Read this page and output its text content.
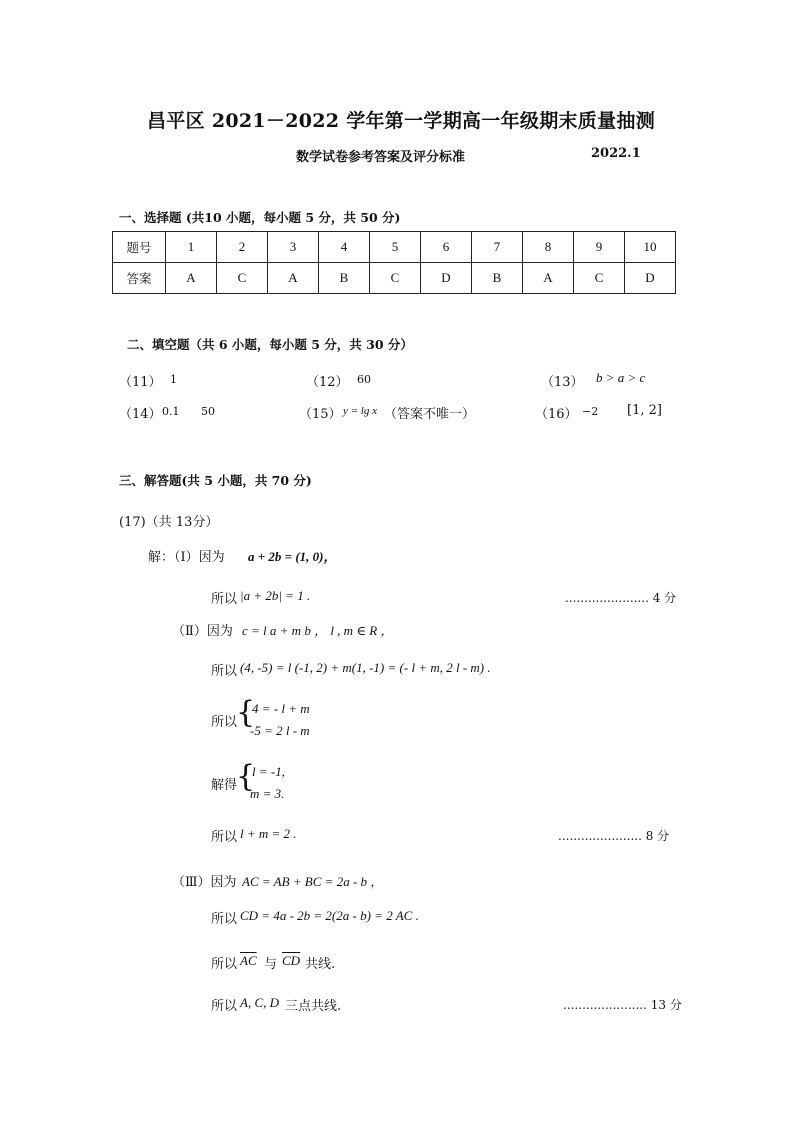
昌平区 2021－2022 学年第一学期高一年级期末质量抽测
数学试卷参考答案及评分标准	2022.1
一、选择题 (共10 小题，每小题 5 分，共 50 分)
题号	1	2	3	4	5	6	7	8	9	10
答案	A	C	A	B	C	D	B	A	C	D
二、填空题（共 6 小题，每小题 5 分，共 30 分）
（11） 1	（12） 60	（13） b > a > c
（14） 0.1 50	（15） y = lg x （答案不唯一）	（16） −2 [1, 2]
三、解答题(共 5 小题，共 70 分)
(17)（共 13分）
解：（Ⅰ）因为 a + 2b = (1, 0)，
所以 |a + 2b| = 1 .	...................... 4 分
（Ⅱ）因为 c = l a + m b ， l , m ∈ R ，
所以 (4, -5) = l (-1, 2) + m(1, -1) = (- l + m, 2 l - m) .
所以
{
4 = - l + m
-5 = 2 l - m
解得
{
l = -1,
m = 3.
所以 l + m = 2 .	...................... 8 分
（Ⅲ）因为 AC = AB + BC = 2a - b ，
所以 CD = 4a - 2b = 2(2a - b) = 2 AC .
所以 $\overline{AC}$ 与 $\overline{CD}$ 共线.
所以 A, C, D 三点共线.	...................... 13 分
